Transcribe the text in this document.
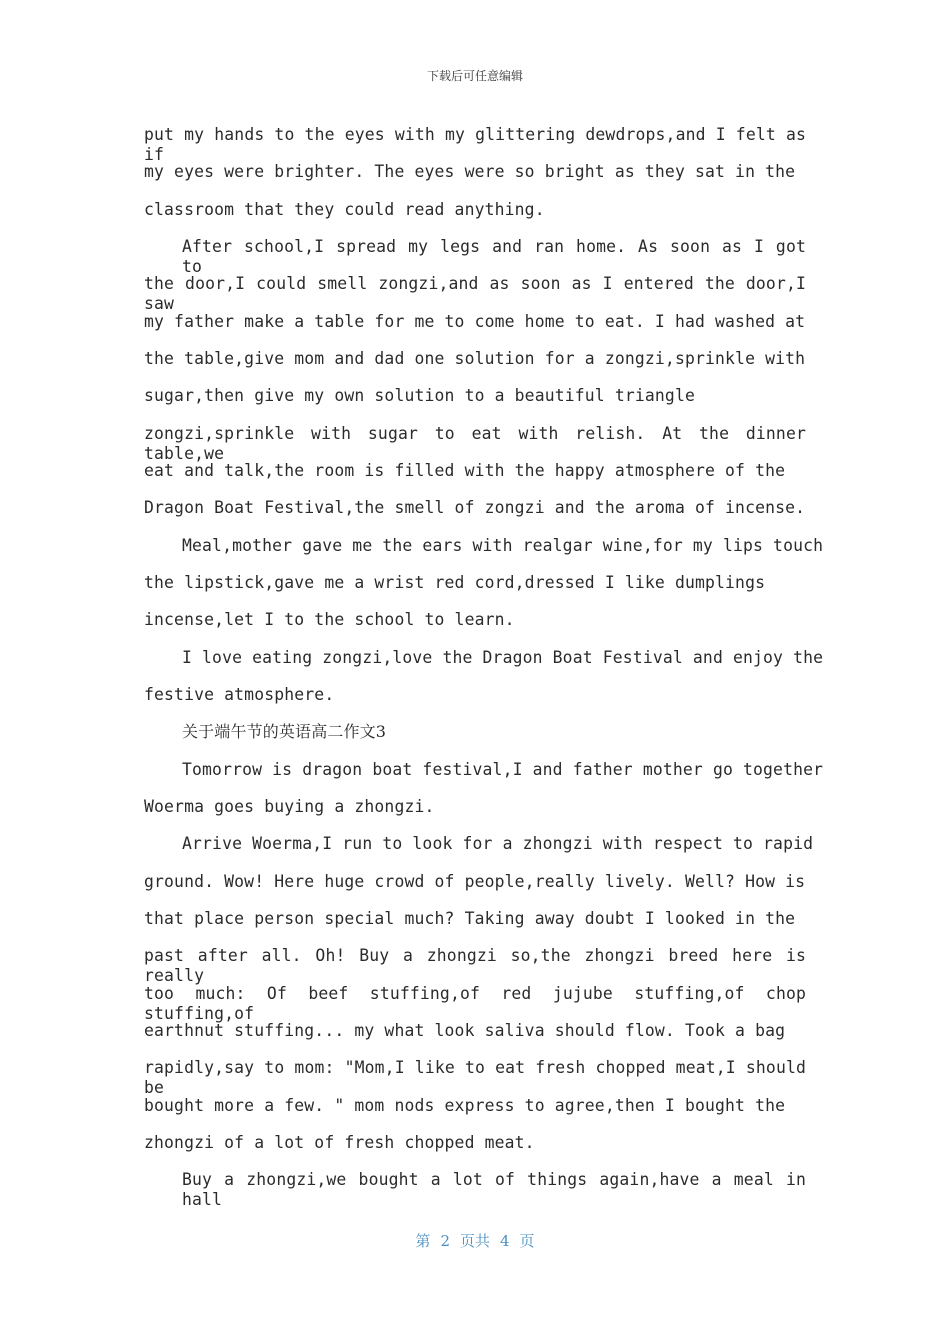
下载后可任意编辑
put my hands to the eyes with my glittering dewdrops,and I felt as if
my eyes were brighter. The eyes were so bright as they sat in the
classroom that they could read anything.
After school,I spread my legs and ran home. As soon as I got to
the door,I could smell zongzi,and as soon as I entered the door,I saw
my father make a table for me to come home to eat. I had washed at
the table,give mom and dad one solution for a zongzi,sprinkle with
sugar,then give my own solution to a beautiful triangle
zongzi,sprinkle with sugar to eat with relish. At the dinner table,we
eat and talk,the room is filled with the happy atmosphere of the
Dragon Boat Festival,the smell of zongzi and the aroma of incense.
Meal,mother gave me the ears with realgar wine,for my lips touch
the lipstick,gave me a wrist red cord,dressed I like dumplings
incense,let I to the school to learn.
I love eating zongzi,love the Dragon Boat Festival and enjoy the
festive atmosphere.
关于端午节的英语高二作文3
Tomorrow is dragon boat festival,I and father mother go together
Woerma goes buying a zhongzi.
Arrive Woerma,I run to look for a zhongzi with respect to rapid
ground. Wow! Here huge crowd of people,really lively. Well? How is
that place person special much? Taking away doubt I looked in the
past after all. Oh! Buy a zhongzi so,the zhongzi breed here is really
too much: Of beef stuffing,of red jujube stuffing,of chop stuffing,of
earthnut stuffing... my what look saliva should flow. Took a bag
rapidly,say to mom: "Mom,I like to eat fresh chopped meat,I should be
bought more a few. " mom nods express to agree,then I bought the
zhongzi of a lot of fresh chopped meat.
Buy a zhongzi,we bought a lot of things again,have a meal in hall
第 2 页共 4 页
